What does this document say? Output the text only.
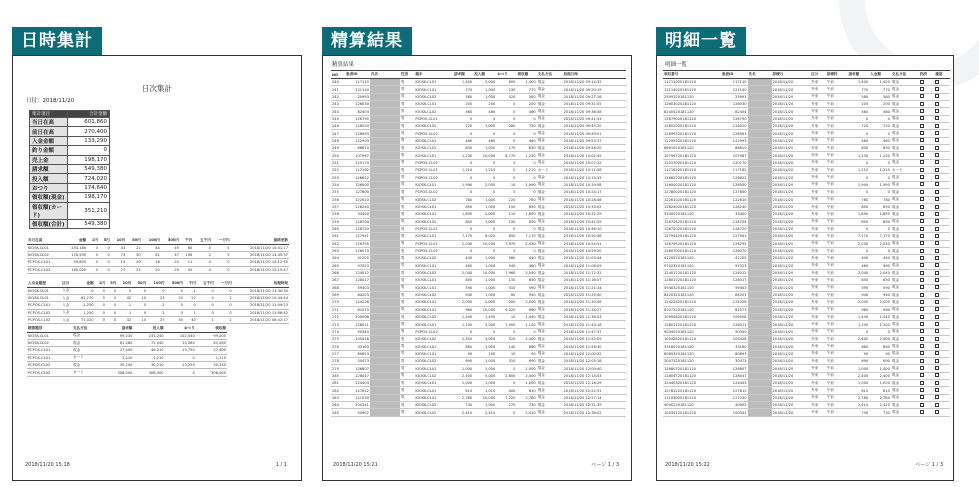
日時集計
日次集計
日付：2018/11/20
集計項目	合計金額
当日在高	601,860
前日在高	270,400
入金金額	133,290
釣り金額	0
売上金	198,170
請求額	549,380
投入額	724,020
おつり	174,640
領収額(現金)	198,170
領収額(カード)	351,210
領収額(合計)	549,380
当日在高	金額	1円	5円	10円	50円	100円	500円	千円	五千円	一万円	最終更新
KIOSK-CL01	254,180	0	0	43	22	84	49	60	0	5	2018/11/20 14:41:17
KIOSK-CL02	176,590	0	0	73	30	61	47	106	2	5	2018/11/20 14:45:37
PCPOS-CL01	99,800	0	0	15	20	28	20	11	0	0	2018/11/20 14:12:50
PCPOS-CL02	165,020	0	0	27	23	20	29	45	0	0	2018/11/20 15:15:47
入出金履歴	区分	金額	1円	5円	10円	50円	100円	500円	千円	五千円	一万円	処理時刻
KIOSK-CL01	入金	0	0	0	0	0	0	0	-1	0	0	2018/11/20 13:30:30
KIOSK-CL01	入金	61,270	0	0	42	10	23	20	22	0	2	2018/11/20 10:44:44
PCPOS-CL01	入金	-1,250	0	0	-1	0	-2	0	0	0	0	2018/11/20 11:09:23
PCPOS-CL02	入金	1,250	0	0	1	0	2	0	1	0	0	2018/11/20 11:06:42
PCPOS-CL02	入金	71,020	0	0	32	10	27	30	40	1	2	2018/11/20 08:42:17
精算種別	支払方法	請求額	投入額	おつり	領収額
KIOSK-CL01	現金	99,230	231,240	102,040	99,200
KIOSK-CL02	現金	61,280	75,040	15,060	61,280
PCPOS-CL01	現金	27,400	46,210	19,750	27,400
PCPOS-CL01	カード	1,210	1,210	0	1,210
PCPOS-CL02	現金	30,240	30,210	23,250	30,240
PCPOS-CL02	カード	308,000	308,000	0	308,000
2018/11/20 15:18	1 / 1
精算結果
精算結果
NO	患者ID	氏名	性別	端末	請求額	投入額	おつり	領収額	支払方法	処理日時
240	117110		男	KIOSK-CL01	1,400	2,000	600	1,400	現金	2018/11/20 09:14:32
241	121140		男	KIOSK-CL01	770	1,000	230	770	現金	2018/11/20 09:20:19
242	25993		男	KIOSK-CL02	580	1,000	420	580	現金	2018/11/20 09:27:16
243	126030		男	KIOSK-CL01	200	200	0	200	現金	2018/11/20 09:31:05
244	82404		男	KIOSK-CL02	460	460	0	460	現金	2018/11/20 09:36:58
245	126790		男	PCPOS-CL01	0	0	0	0	現金	2018/11/20 09:41:33
246	128020		男	KIOSK-CL02	720	1,000	280	720	現金	2018/11/20 09:45:20
247	126993		男	PCPOS-CL02	0	0	0	0	現金	2018/11/20 09:49:51
248	122993		男	KIOSK-CL01	460	460	0	460	現金	2018/11/20 09:53:37
249	66610		男	KIOSK-CL02	830	1,000	170	830	現金	2018/11/20 09:58:20
250	107967		男	KIOSK-CL01	1,230	10,000	8,770	1,230	現金	2018/11/20 10:02:45
251	120170		男	PCPOS-CL02	0	0	0	0	現金	2018/11/20 10:07:12
252	117162		男	PCPOS-CL01	1,210	1,210	0	1,210	カード	2018/11/20 10:11:08
253	126622		男	PCPOS-CL02	0	0	0	0	現金	2018/11/20 10:15:33
254	126000		男	KIOSK-CL01	1,990	2,000	10	1,990	現金	2018/11/20 10:19:58
255	127800		男	PCPOS-CL02	0	0	0	0	現金	2018/11/20 10:24:17
256	122610		男	KIOSK-CL02	780	1,000	220	780	現金	2018/11/20 10:28:46
257	128240		男	KIOSK-CL01	850	1,000	150	850	現金	2018/11/20 10:33:02
258	33400		男	KIOSK-CL01	1,890	2,000	110	1,890	現金	2018/11/20 10:37:29
259	128704		男	KIOSK-CL02	850	1,000	150	850	現金	2018/11/20 10:41:55
260	128720		男	PCPOS-CL01	0	0	0	0	現金	2018/11/20 10:46:10
261	127941		男	KIOSK-CL01	7,170	8,020	850	7,170	現金	2018/11/20 10:50:36
262	126795		男	PCPOS-CL01	2,030	10,000	7,970	2,030	現金	2018/11/20 10:54:51
263	126070		男	PCPOS-CL02	0	0	0	0	現金	2018/11/20 10:59:20
264	41205		男	KIOSK-CL02	440	1,000	560	440	現金	2018/11/20 11:03:44
265	97023		男	KIOSK-CL01	460	1,000	540	460	現金	2018/11/20 11:08:09
266	124012		男	KIOSK-CL02	2,040	10,000	7,960	2,040	現金	2018/11/20 11:12:31
267	128017		男	KIOSK-CL01	850	1,000	150	850	現金	2018/11/20 11:16:57
268	59403		男	KIOSK-CL01	590	1,000	410	590	現金	2018/11/20 11:21:14
269	84203		男	KIOSK-CL02	940	1,000	60	940	現金	2018/11/20 11:25:40
270	124228		男	KIOSK-CL01	2,000	2,000	200	2,000	現金	2018/11/20 11:30:06
271	81073		男	KIOSK-CL01	960	10,000	9,020	960	現金	2018/11/20 11:34:27
272	109008		男	KIOSK-CL02	1,440	1,450	10	1,440	現金	2018/11/20 11:38:53
273	128011		男	KIOSK-CL01	1,100	3,000	1,900	1,100	現金	2018/11/20 11:43:18
274	90340		男	PCPOS-CL02	0	0	0	0	現金	2018/11/20 11:47:37
275	105428		男	KIOSK-CL02	2,400	3,000	520	2,400	現金	2018/11/20 11:52:05
276	33160		男	KIOSK-CL01	860	1,000	140	860	現金	2018/11/20 11:56:30
277	80693		男	KIOSK-CL01	90	100	10	90	現金	2018/11/20 12:00:52
278	30473		男	KIOSK-CL02	690	1,000	310	690	現金	2018/11/20 12:05:16
279	126807		男	KIOSK-CL01	1,000	1,000	0	1,000	現金	2018/11/20 12:09:40
280	128047		男	KIOSK-CL02	2,400	5,000	2,600	2,400	現金	2018/11/20 12:14:03
281	124403		男	KIOSK-CL01	1,000	1,000	0	1,000	現金	2018/11/20 12:18:29
282	127612		男	KIOSK-CL01	610	1,010	400	610	現金	2018/11/20 12:22:51
283	121030		男	KIOSK-CL01	2,780	10,000	7,220	2,780	現金	2018/11/20 12:27:14
284	100341		男	KIOSK-CL02	730	1,000	270	730	現金	2018/11/20 12:31:39
285	40902		男	KIOSK-CL02	2,410	2,410	0	2,410	現金	2018/11/20 12:36:02
2018/11/20 15:21	ページ 1 / 3
明細一覧
明細一覧
領収番号	患者ID	氏名	診療日	区分	診療科	請求額	入金額	支払方法	決済	確認
11711020181120	117110		2018/11/20	外来	午前	1,400	1,400	現金		
12114020181120	121140		2018/11/20	外来	午前	770	770	現金		
2599320181120	25993		2018/11/20	外来	午前	580	580	現金		
12603020181120	126030		2018/11/20	外来	午前	200	200	現金		
8240420181120	82404		2018/11/20	外来	午前	460	460	現金		
12679020181120	126790		2018/11/20	外来	午前	0	0	現金		
12802020181120	128020		2018/11/20	外来	午前	720	720	現金		
12699320181120	126993		2018/11/20	外来	午前	0	0	現金		
12299320181120	122993		2018/11/20	外来	午前	460	460	現金		
6661020181120	66610		2018/11/20	外来	午前	830	830	現金		
10796720181120	107967		2018/11/20	外来	午前	1,230	1,230	現金		
12017020181120	120170		2018/11/20	外来	午前	0	0	現金		
11716220181120	117162		2018/11/20	外来	午前	1,210	1,210	カード		
12662220181120	126622		2018/11/20	外来	午前	0	0	現金		
12600020181120	126000		2018/11/20	外来	午前	1,990	1,990	現金		
12780020181120	127800		2018/11/20	外来	午前	0	0	現金		
12261020181120	122610		2018/11/20	外来	午前	780	780	現金		
12824020181120	128240		2018/11/20	外来	午前	850	850	現金		
3340020181120	33400		2018/11/20	外来	午前	1,890	1,890	現金		
12870420181120	128704		2018/11/20	外来	午前	850	850	現金		
12872020181120	128720		2018/11/20	外来	午前	0	0	現金		
12794120181120	127941		2018/11/20	外来	午前	7,170	7,170	現金		
12679520181120	126795		2018/11/20	外来	午前	2,030	2,030	現金		
12607020181120	126070		2018/11/20	外来	午前	0	0	現金		
4120520181120	41205		2018/11/20	外来	午前	440	440	現金		
9702320181120	97023		2018/11/20	外来	午前	460	460	現金		
12401220181120	124012		2018/11/20	外来	午前	2,040	2,040	現金		
12801720181120	128017		2018/11/20	外来	午前	850	850	現金		
5940320181120	59403		2018/11/20	外来	午前	590	590	現金		
8420320181120	84203		2018/11/20	外来	午前	940	940	現金		
12422820181120	124228		2018/11/20	外来	午前	2,000	2,000	現金		
8107320181120	81073		2018/11/20	外来	午前	960	960	現金		
10900820181120	109008		2018/11/20	外来	午前	1,440	1,440	現金		
12801120181120	128011		2018/11/20	外来	午前	1,100	1,100	現金		
9034020181120	90340		2018/11/20	外来	午前	0	0	現金		
10542820181120	105428		2018/11/20	外来	午前	2,400	2,400	現金		
3316020181120	33160		2018/11/20	外来	午前	860	860	現金		
8069320181120	80693		2018/11/20	外来	午前	90	90	現金		
3047320181120	30473		2018/11/20	外来	午前	690	690	現金		
12680720181120	126807		2018/11/20	外来	午前	1,000	1,000	現金		
12804720181120	128047		2018/11/20	外来	午前	2,400	2,400	現金		
12440320181120	124403		2018/11/20	外来	午前	1,000	1,000	現金		
12761220181120	127612		2018/11/20	外来	午前	610	610	現金		
12103020181120	121030		2018/11/20	外来	午前	2,780	2,780	現金		
4090220181120	40902		2018/11/20	外来	午前	2,410	2,410	現金		
10034120181120	100341		2018/11/20	外来	午前	730	730	現金		
2018/11/20 15:22	ページ 1 / 3
